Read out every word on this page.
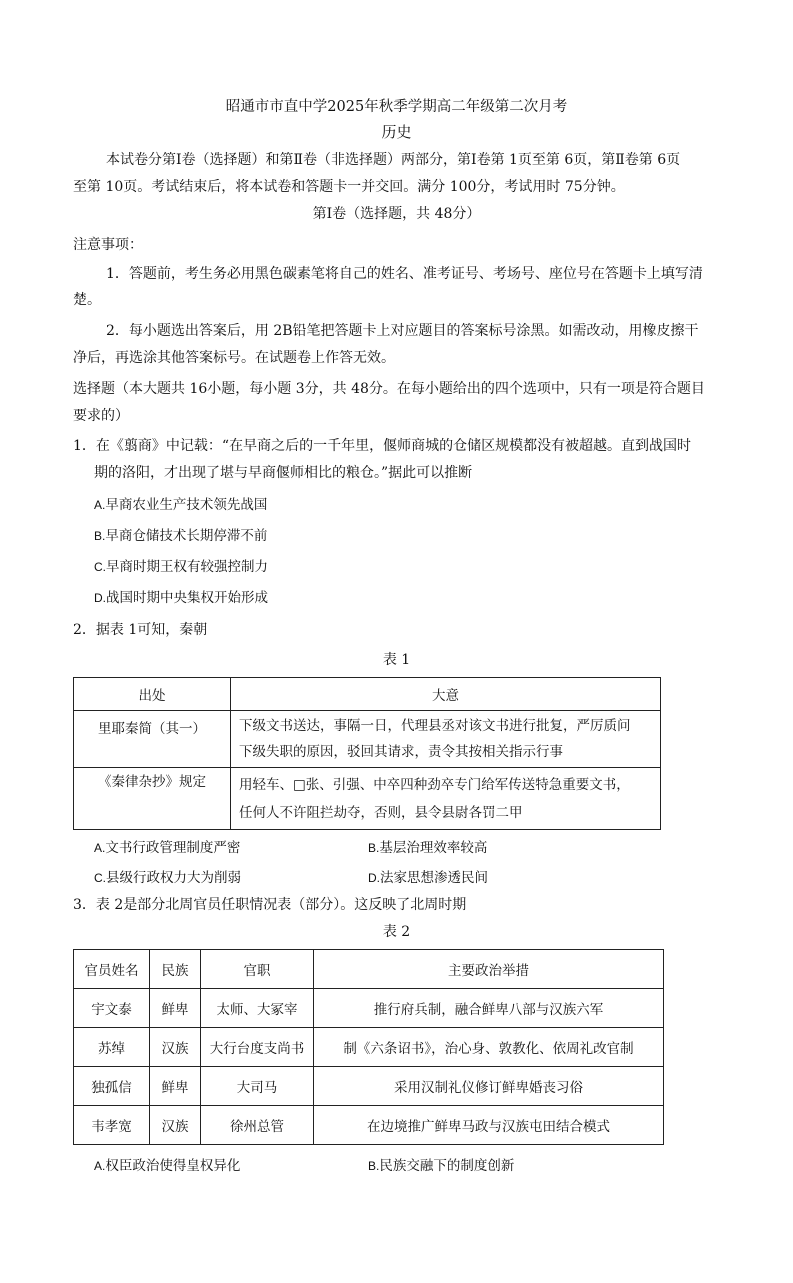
昭通市市直中学2025年秋季学期高二年级第二次月考
历史
本试卷分第Ⅰ卷（选择题）和第Ⅱ卷（非选择题）两部分，第Ⅰ卷第 1页至第 6页，第Ⅱ卷第 6页
至第 10页。考试结束后，将本试卷和答题卡一并交回。满分 100分，考试用时 75分钟。
第Ⅰ卷（选择题，共 48分）
注意事项：
1．答题前，考生务必用黑色碳素笔将自己的姓名、准考证号、考场号、座位号在答题卡上填写清
楚。
2．每小题选出答案后，用 2B铅笔把答题卡上对应题目的答案标号涂黑。如需改动，用橡皮擦干
净后，再选涂其他答案标号。在试题卷上作答无效。
选择题（本大题共 16小题，每小题 3分，共 48分。在每小题给出的四个选项中，只有一项是符合题目
要求的）
1．在《翦商》中记载：“在早商之后的一千年里，偃师商城的仓储区规模都没有被超越。直到战国时
期的洛阳，才出现了堪与早商偃师相比的粮仓。”据此可以推断
A.早商农业生产技术领先战国
B.早商仓储技术长期停滞不前
C.早商时期王权有较强控制力
D.战国时期中央集权开始形成
2．据表 1可知，秦朝
表 1
出处	大意
里耶秦简（其一）	下级文书送达，事隔一日，代理县丞对该文书进行批复，严厉质问
下级失职的原因，驳回其请求，责令其按相关指示行事

《秦律杂抄》规定	用轻车、□张、引强、中卒四种劲卒专门给军传送特急重要文书，
任何人不许阻拦劫夺，否则，县令县尉各罚二甲
A.文书行政管理制度严密	B.基层治理效率较高
C.县级行政权力大为削弱	D.法家思想渗透民间
3．表 2是部分北周官员任职情况表（部分）。这反映了北周时期
表 2
官员姓名	民族	官职	主要政治举措
宇文泰	鲜卑	太师、大冢宰	推行府兵制，融合鲜卑八部与汉族六军
苏绰	汉族	大行台度支尚书	制《六条诏书》，治心身、敦教化、依周礼改官制
独孤信	鲜卑	大司马	采用汉制礼仪修订鲜卑婚丧习俗
韦孝宽	汉族	徐州总管	在边境推广鲜卑马政与汉族屯田结合模式
A.权臣政治使得皇权异化	B.民族交融下的制度创新
